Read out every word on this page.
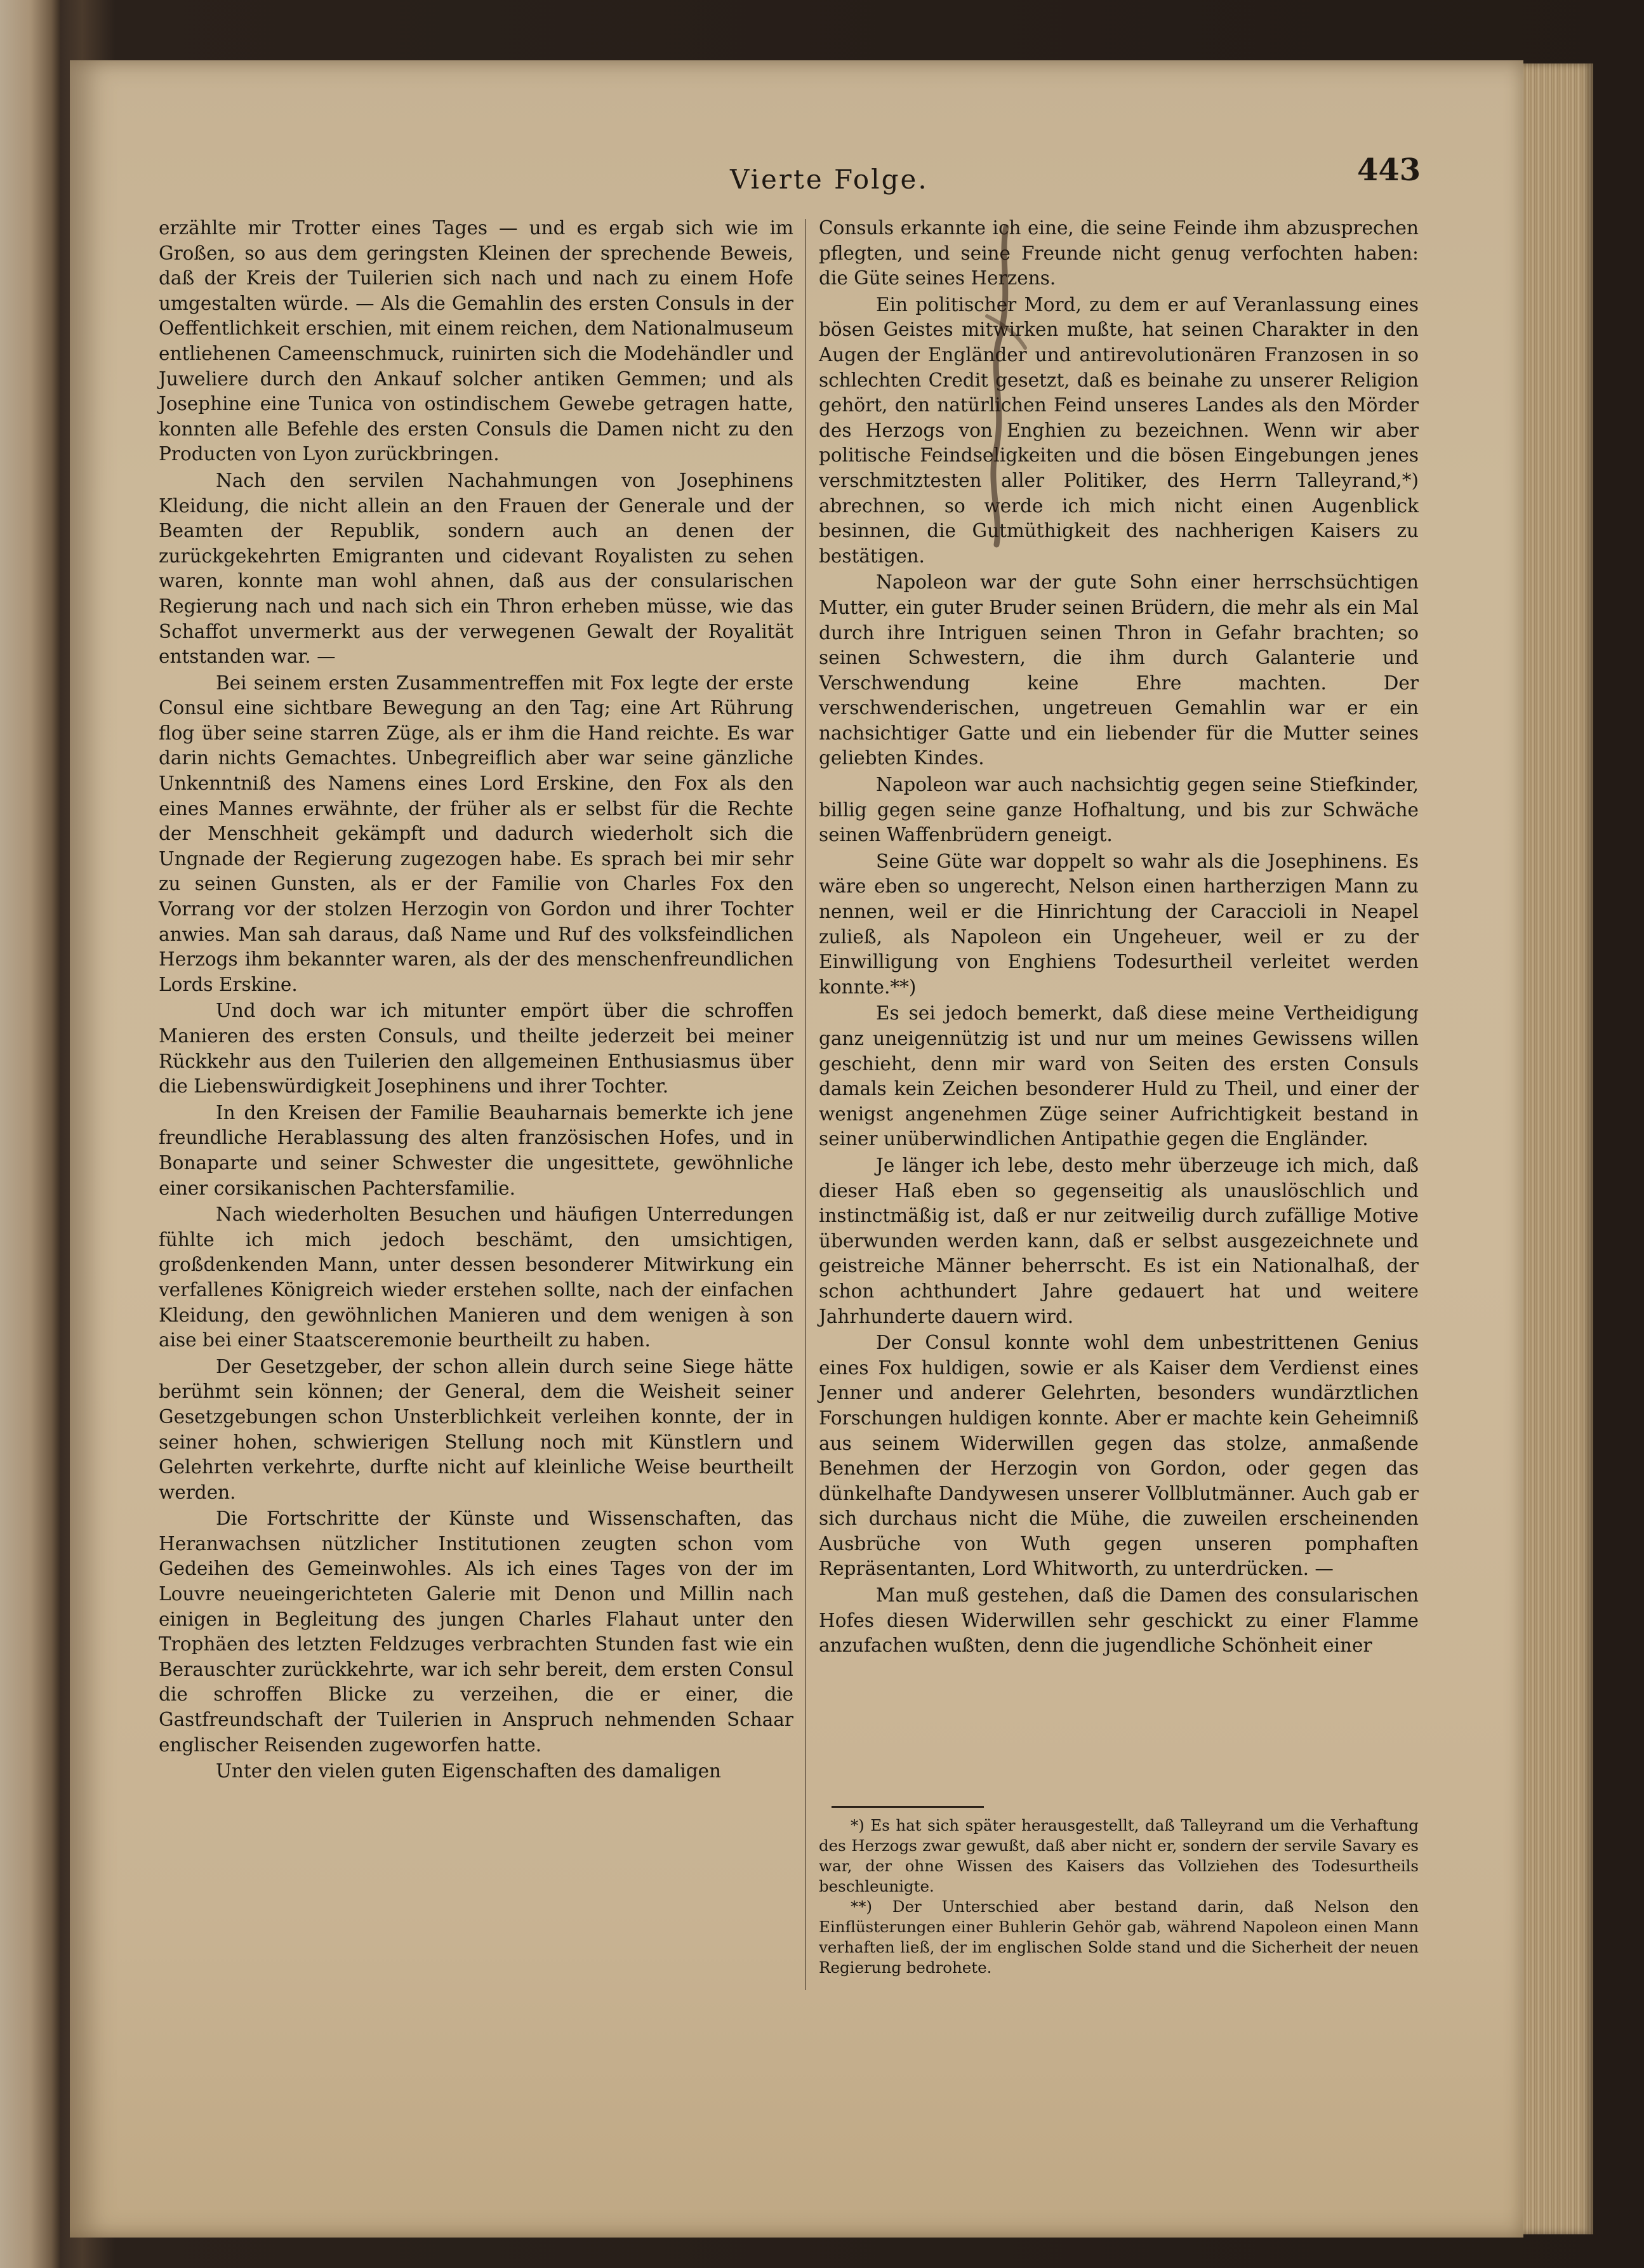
Vierte Folge.	443

erzählte mir Trotter eines Tages — und es ergab sich wie im Großen, so aus dem geringsten Kleinen der sprechende Beweis, daß der Kreis der Tuilerien sich nach und nach zu einem Hofe umgestalten würde. — Als die Gemahlin des ersten Consuls in der Oeffentlichkeit erschien, mit einem reichen, dem Nationalmuseum entliehenen Cameenschmuck, ruinirten sich die Modehändler und Juweliere durch den Ankauf solcher antiken Gemmen; und als Josephine eine Tunica von ostindischem Gewebe getragen hatte, konnten alle Befehle des ersten Consuls die Damen nicht zu den Producten von Lyon zurückbringen.

Nach den servilen Nachahmungen von Josephinens Kleidung, die nicht allein an den Frauen der Generale und der Beamten der Republik, sondern auch an denen der zurückgekehrten Emigranten und cidevant Royalisten zu sehen waren, konnte man wohl ahnen, daß aus der consularischen Regierung nach und nach sich ein Thron erheben müsse, wie das Schaffot unvermerkt aus der verwegenen Gewalt der Royalität entstanden war. —

Bei seinem ersten Zusammentreffen mit Fox legte der erste Consul eine sichtbare Bewegung an den Tag; eine Art Rührung flog über seine starren Züge, als er ihm die Hand reichte. Es war darin nichts Gemachtes. Unbegreiflich aber war seine gänzliche Unkenntniß des Namens eines Lord Erskine, den Fox als den eines Mannes erwähnte, der früher als er selbst für die Rechte der Menschheit gekämpft und dadurch wiederholt sich die Ungnade der Regierung zugezogen habe. Es sprach bei mir sehr zu seinen Gunsten, als er der Familie von Charles Fox den Vorrang vor der stolzen Herzogin von Gordon und ihrer Tochter anwies. Man sah daraus, daß Name und Ruf des volksfeindlichen Herzogs ihm bekannter waren, als der des menschenfreundlichen Lords Erskine.

Und doch war ich mitunter empört über die schroffen Manieren des ersten Consuls, und theilte jederzeit bei meiner Rückkehr aus den Tuilerien den allgemeinen Enthusiasmus über die Liebenswürdigkeit Josephinens und ihrer Tochter.

In den Kreisen der Familie Beauharnais bemerkte ich jene freundliche Herablassung des alten französischen Hofes, und in Bonaparte und seiner Schwester die ungesittete, gewöhnliche einer corsikanischen Pachtersfamilie.

Nach wiederholten Besuchen und häufigen Unterredungen fühlte ich mich jedoch beschämt, den umsichtigen, großdenkenden Mann, unter dessen besonderer Mitwirkung ein verfallenes Königreich wieder erstehen sollte, nach der einfachen Kleidung, den gewöhnlichen Manieren und dem wenigen à son aise bei einer Staatsceremonie beurtheilt zu haben.

Der Gesetzgeber, der schon allein durch seine Siege hätte berühmt sein können; der General, dem die Weisheit seiner Gesetzgebungen schon Unsterblichkeit verleihen konnte, der in seiner hohen, schwierigen Stellung noch mit Künstlern und Gelehrten verkehrte, durfte nicht auf kleinliche Weise beurtheilt werden.

Die Fortschritte der Künste und Wissenschaften, das Heranwachsen nützlicher Institutionen zeugten schon vom Gedeihen des Gemeinwohles. Als ich eines Tages von der im Louvre neueingerichteten Galerie mit Denon und Millin nach einigen in Begleitung des jungen Charles Flahaut unter den Trophäen des letzten Feldzuges verbrachten Stunden fast wie ein Berauschter zurückkehrte, war ich sehr bereit, dem ersten Consul die schroffen Blicke zu verzeihen, die er einer, die Gastfreundschaft der Tuilerien in Anspruch nehmenden Schaar englischer Reisenden zugeworfen hatte.

Unter den vielen guten Eigenschaften des damaligen

Consuls erkannte ich eine, die seine Feinde ihm abzusprechen pflegten, und seine Freunde nicht genug verfochten haben: die Güte seines Herzens.

Ein politischer Mord, zu dem er auf Veranlassung eines bösen Geistes mitwirken mußte, hat seinen Charakter in den Augen der Engländer und antirevolutionären Franzosen in so schlechten Credit gesetzt, daß es beinahe zu unserer Religion gehört, den natürlichen Feind unseres Landes als den Mörder des Herzogs von Enghien zu bezeichnen. Wenn wir aber politische Feindseligkeiten und die bösen Eingebungen jenes verschmitztesten aller Politiker, des Herrn Talleyrand,*) abrechnen, so werde ich mich nicht einen Augenblick besinnen, die Gutmüthigkeit des nachherigen Kaisers zu bestätigen.

Napoleon war der gute Sohn einer herrschsüchtigen Mutter, ein guter Bruder seinen Brüdern, die mehr als ein Mal durch ihre Intriguen seinen Thron in Gefahr brachten; so seinen Schwestern, die ihm durch Galanterie und Verschwendung keine Ehre machten. Der verschwenderischen, ungetreuen Gemahlin war er ein nachsichtiger Gatte und ein liebender für die Mutter seines geliebten Kindes.

Napoleon war auch nachsichtig gegen seine Stiefkinder, billig gegen seine ganze Hofhaltung, und bis zur Schwäche seinen Waffenbrüdern geneigt.

Seine Güte war doppelt so wahr als die Josephinens. Es wäre eben so ungerecht, Nelson einen hartherzigen Mann zu nennen, weil er die Hinrichtung der Caraccioli in Neapel zuließ, als Napoleon ein Ungeheuer, weil er zu der Einwilligung von Enghiens Todesurtheil verleitet werden konnte.**)

Es sei jedoch bemerkt, daß diese meine Vertheidigung ganz uneigennützig ist und nur um meines Gewissens willen geschieht, denn mir ward von Seiten des ersten Consuls damals kein Zeichen besonderer Huld zu Theil, und einer der wenigst angenehmen Züge seiner Aufrichtigkeit bestand in seiner unüberwindlichen Antipathie gegen die Engländer.

Je länger ich lebe, desto mehr überzeuge ich mich, daß dieser Haß eben so gegenseitig als unauslöschlich und instinctmäßig ist, daß er nur zeitweilig durch zufällige Motive überwunden werden kann, daß er selbst ausgezeichnete und geistreiche Männer beherrscht. Es ist ein Nationalhaß, der schon achthundert Jahre gedauert hat und weitere Jahrhunderte dauern wird.

Der Consul konnte wohl dem unbestrittenen Genius eines Fox huldigen, sowie er als Kaiser dem Verdienst eines Jenner und anderer Gelehrten, besonders wundärztlichen Forschungen huldigen konnte. Aber er machte kein Geheimniß aus seinem Widerwillen gegen das stolze, anmaßende Benehmen der Herzogin von Gordon, oder gegen das dünkelhafte Dandywesen unserer Vollblutmänner. Auch gab er sich durchaus nicht die Mühe, die zuweilen erscheinenden Ausbrüche von Wuth gegen unseren pomphaften Repräsentanten, Lord Whitworth, zu unterdrücken. —

Man muß gestehen, daß die Damen des consularischen Hofes diesen Widerwillen sehr geschickt zu einer Flamme anzufachen wußten, denn die jugendliche Schönheit einer

*) Es hat sich später herausgestellt, daß Talleyrand um die Verhaftung des Herzogs zwar gewußt, daß aber nicht er, sondern der servile Savary es war, der ohne Wissen des Kaisers das Vollziehen des Todesurtheils beschleunigte.

**) Der Unterschied aber bestand darin, daß Nelson den Einflüsterungen einer Buhlerin Gehör gab, während Napoleon einen Mann verhaften ließ, der im englischen Solde stand und die Sicherheit der neuen Regierung bedrohete.
